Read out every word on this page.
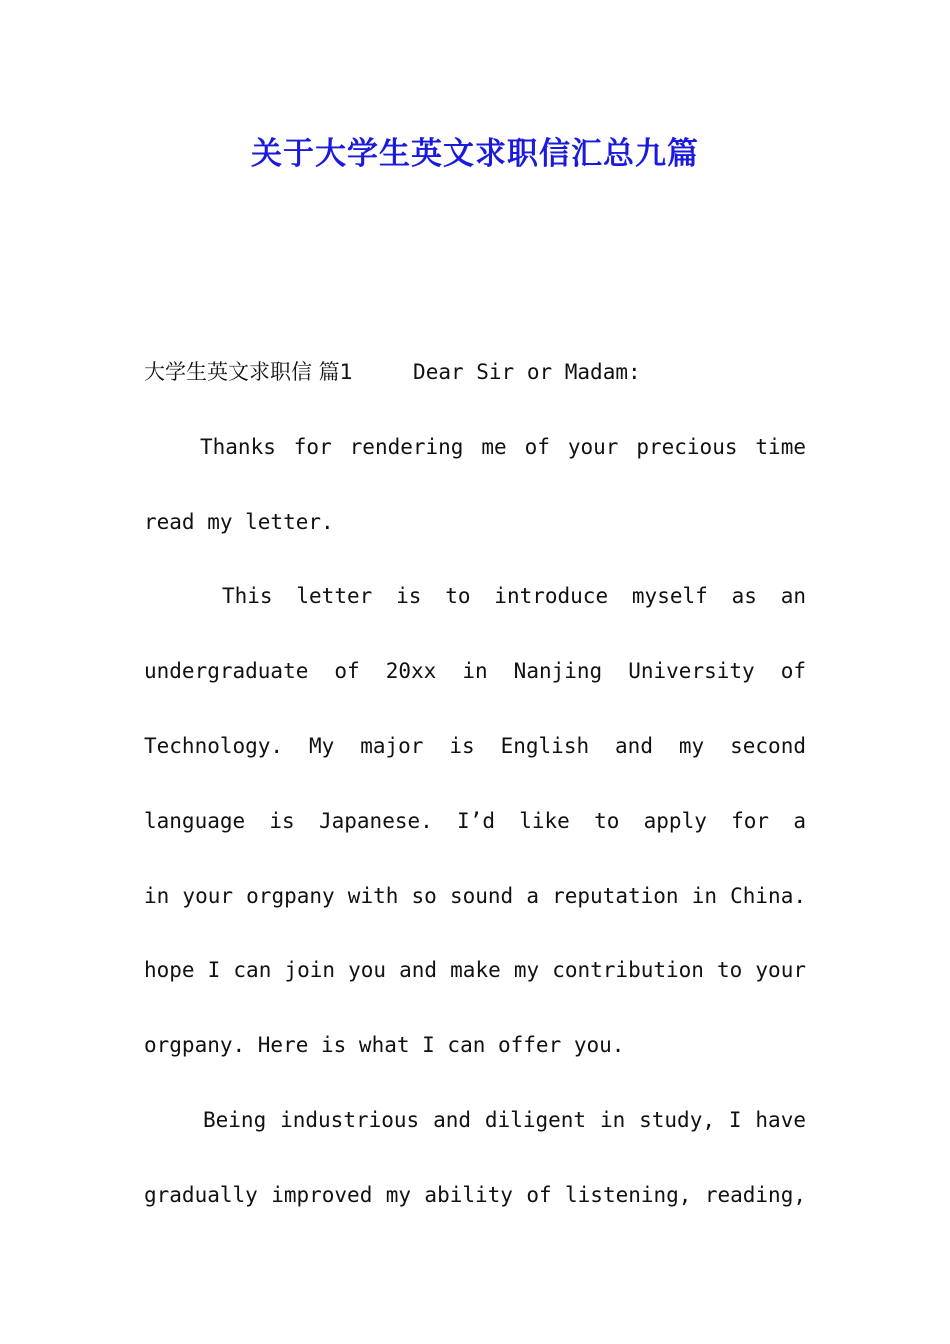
关于大学生英文求职信汇总九篇
大学生英文求职信 篇1	Dear Sir or Madam:
Thanks for rendering me of your precious time
read my letter.
This letter is to introduce myself as an
undergraduate of 20xx in Nanjing University of
Technology. My major is English and my second
language is Japanese. I’d like to apply for a
in your orgpany with so sound a reputation in China.
hope I can join you and make my contribution to your
orgpany. Here is what I can offer you.
Being industrious and diligent in study, I have
gradually improved my ability of listening, reading,
